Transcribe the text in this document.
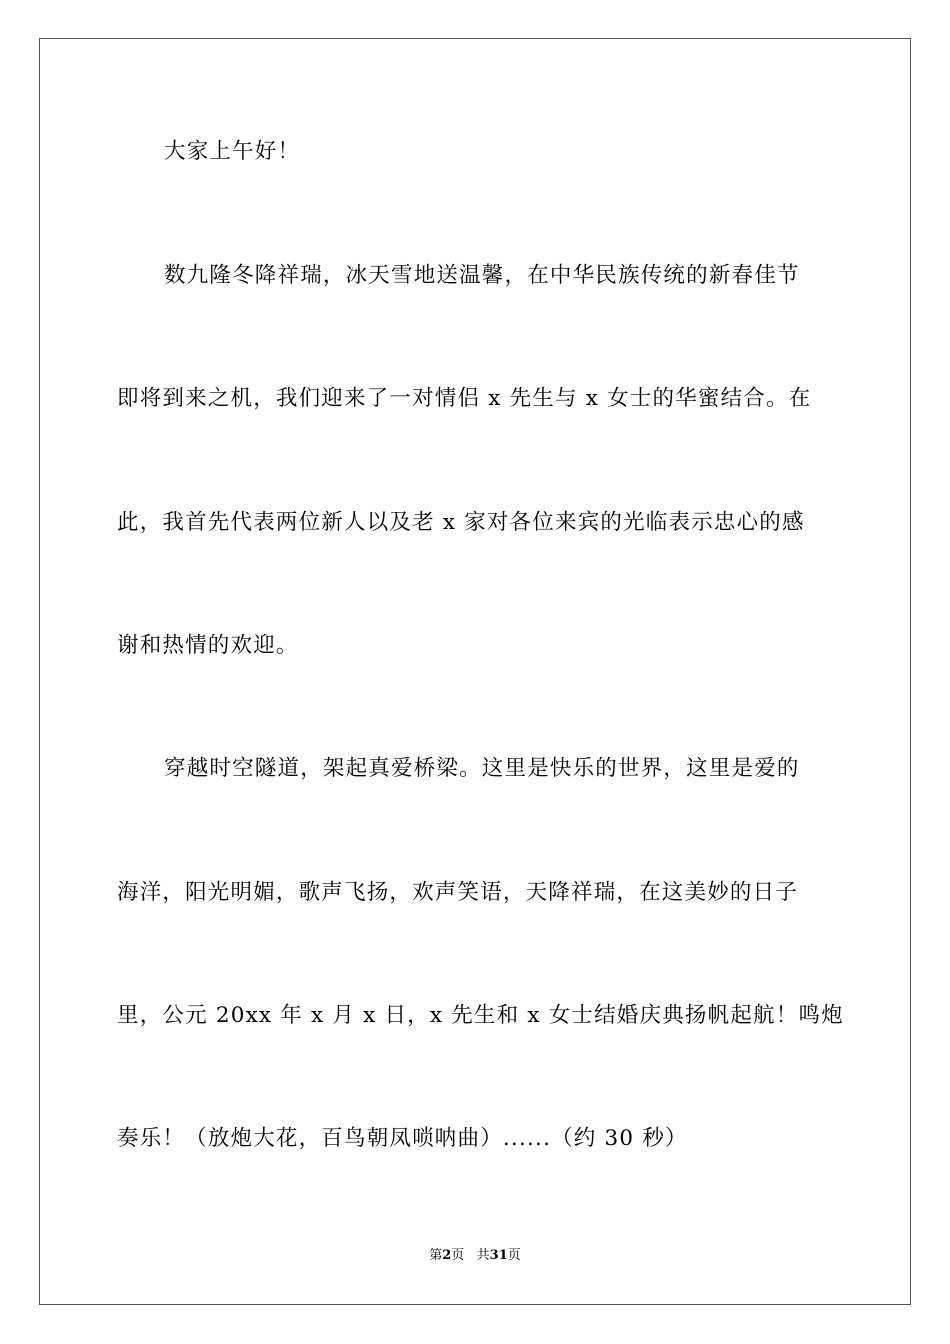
大家上午好！
数九隆冬降祥瑞，冰天雪地送温馨，在中华民族传统的新春佳节
即将到来之机，我们迎来了一对情侣 x 先生与 x 女士的华蜜结合。在
此，我首先代表两位新人以及老 x 家对各位来宾的光临表示忠心的感
谢和热情的欢迎。
穿越时空隧道，架起真爱桥梁。这里是快乐的世界，这里是爱的
海洋，阳光明媚，歌声飞扬，欢声笑语，天降祥瑞，在这美妙的日子
里，公元 20xx 年 x 月 x 日，x 先生和 x 女士结婚庆典扬帆起航！鸣炮
奏乐！（放炮大花，百鸟朝凤唢呐曲）......（约 30 秒）
第2页   共31页
